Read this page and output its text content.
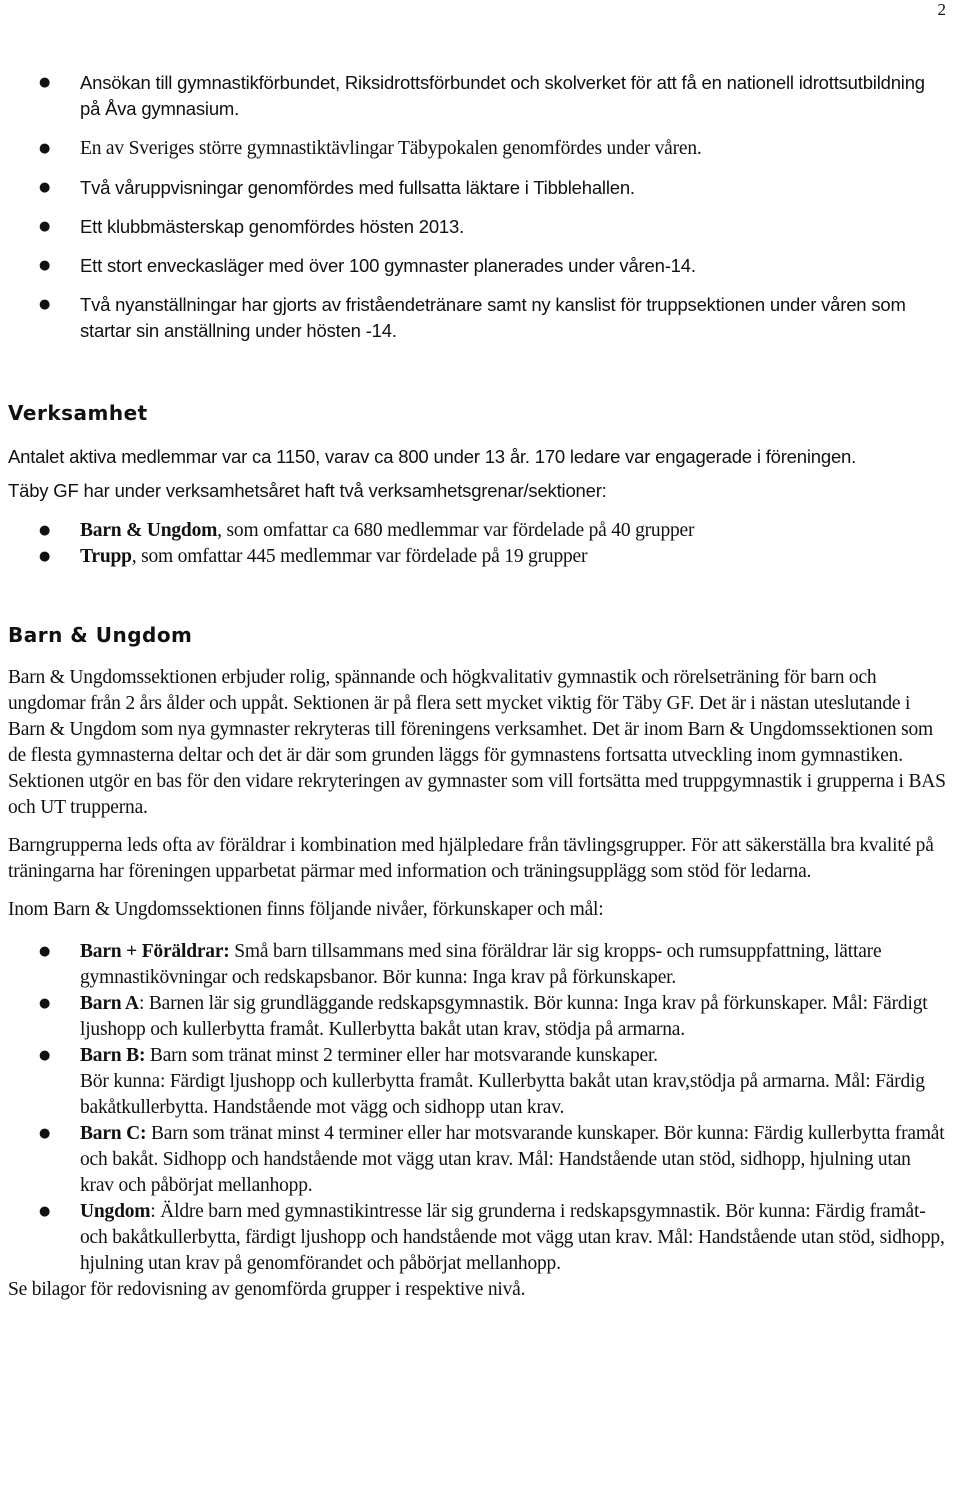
2
● Ansökan till gymnastikförbundet, Riksidrottsförbundet och skolverket för att få en nationell idrottsutbildning på Åva gymnasium.
● En av Sveriges större gymnastiktävlingar Täbypokalen genomfördes under våren.
● Två våruppvisningar genomfördes med fullsatta läktare i Tibblehallen.
● Ett klubbmästerskap genomfördes hösten 2013.
● Ett stort enveckasläger med över 100 gymnaster planerades under våren-14.
● Två nyanställningar har gjorts av friståendetränare samt ny kanslist för truppsektionen under våren som startar sin anställning under hösten -14.
Verksamhet

Antalet aktiva medlemmar var ca 1150, varav ca 800 under 13 år. 170 ledare var engagerade i föreningen.

Täby GF har under verksamhetsåret haft två verksamhetsgrenar/sektioner:

● Barn & Ungdom, som omfattar ca 680 medlemmar var fördelade på 40 grupper
● Trupp, som omfattar 445 medlemmar var fördelade på 19 grupper
Barn & Ungdom

Barn & Ungdomssektionen erbjuder rolig, spännande och högkvalitativ gymnastik och rörelseträning för barn och ungdomar från 2 års ålder och uppåt. Sektionen är på flera sett mycket viktig för Täby GF. Det är i nästan uteslutande i Barn & Ungdom som nya gymnaster rekryteras till föreningens verksamhet. Det är inom Barn & Ungdomssektionen som de flesta gymnasterna deltar och det är där som grunden läggs för gymnastens fortsatta utveckling inom gymnastiken. Sektionen utgör en bas för den vidare rekryteringen av gymnaster som vill fortsätta med truppgymnastik i grupperna i BAS och UT trupperna.

Barngrupperna leds ofta av föräldrar i kombination med hjälpledare från tävlingsgrupper. För att säkerställa bra kvalité på träningarna har föreningen upparbetat pärmar med information och träningsupplägg som stöd för ledarna.

Inom Barn & Ungdomssektionen finns följande nivåer, förkunskaper och mål:

● Barn + Föräldrar: Små barn tillsammans med sina föräldrar lär sig kropps- och rumsuppfattning, lättare gymnastikövningar och redskapsbanor. Bör kunna: Inga krav på förkunskaper.
● Barn A: Barnen lär sig grundläggande redskapsgymnastik. Bör kunna: Inga krav på förkunskaper. Mål: Färdigt ljushopp och kullerbytta framåt. Kullerbytta bakåt utan krav, stödja på armarna.
● Barn B: Barn som tränat minst 2 terminer eller har motsvarande kunskaper.
Bör kunna: Färdigt ljushopp och kullerbytta framåt. Kullerbytta bakåt utan krav,stödja på armarna. Mål: Färdig bakåtkullerbytta. Handstående mot vägg och sidhopp utan krav.
● Barn C: Barn som tränat minst 4 terminer eller har motsvarande kunskaper. Bör kunna: Färdig kullerbytta framåt och bakåt. Sidhopp och handstående mot vägg utan krav. Mål: Handstående utan stöd, sidhopp, hjulning utan krav och påbörjat mellanhopp.
● Ungdom: Äldre barn med gymnastikintresse lär sig grunderna i redskapsgymnastik. Bör kunna: Färdig framåt- och bakåtkullerbytta, färdigt ljushopp och handstående mot vägg utan krav. Mål: Handstående utan stöd, sidhopp, hjulning utan krav på genomförandet och påbörjat mellanhopp.

Se bilagor för redovisning av genomförda grupper i respektive nivå.
